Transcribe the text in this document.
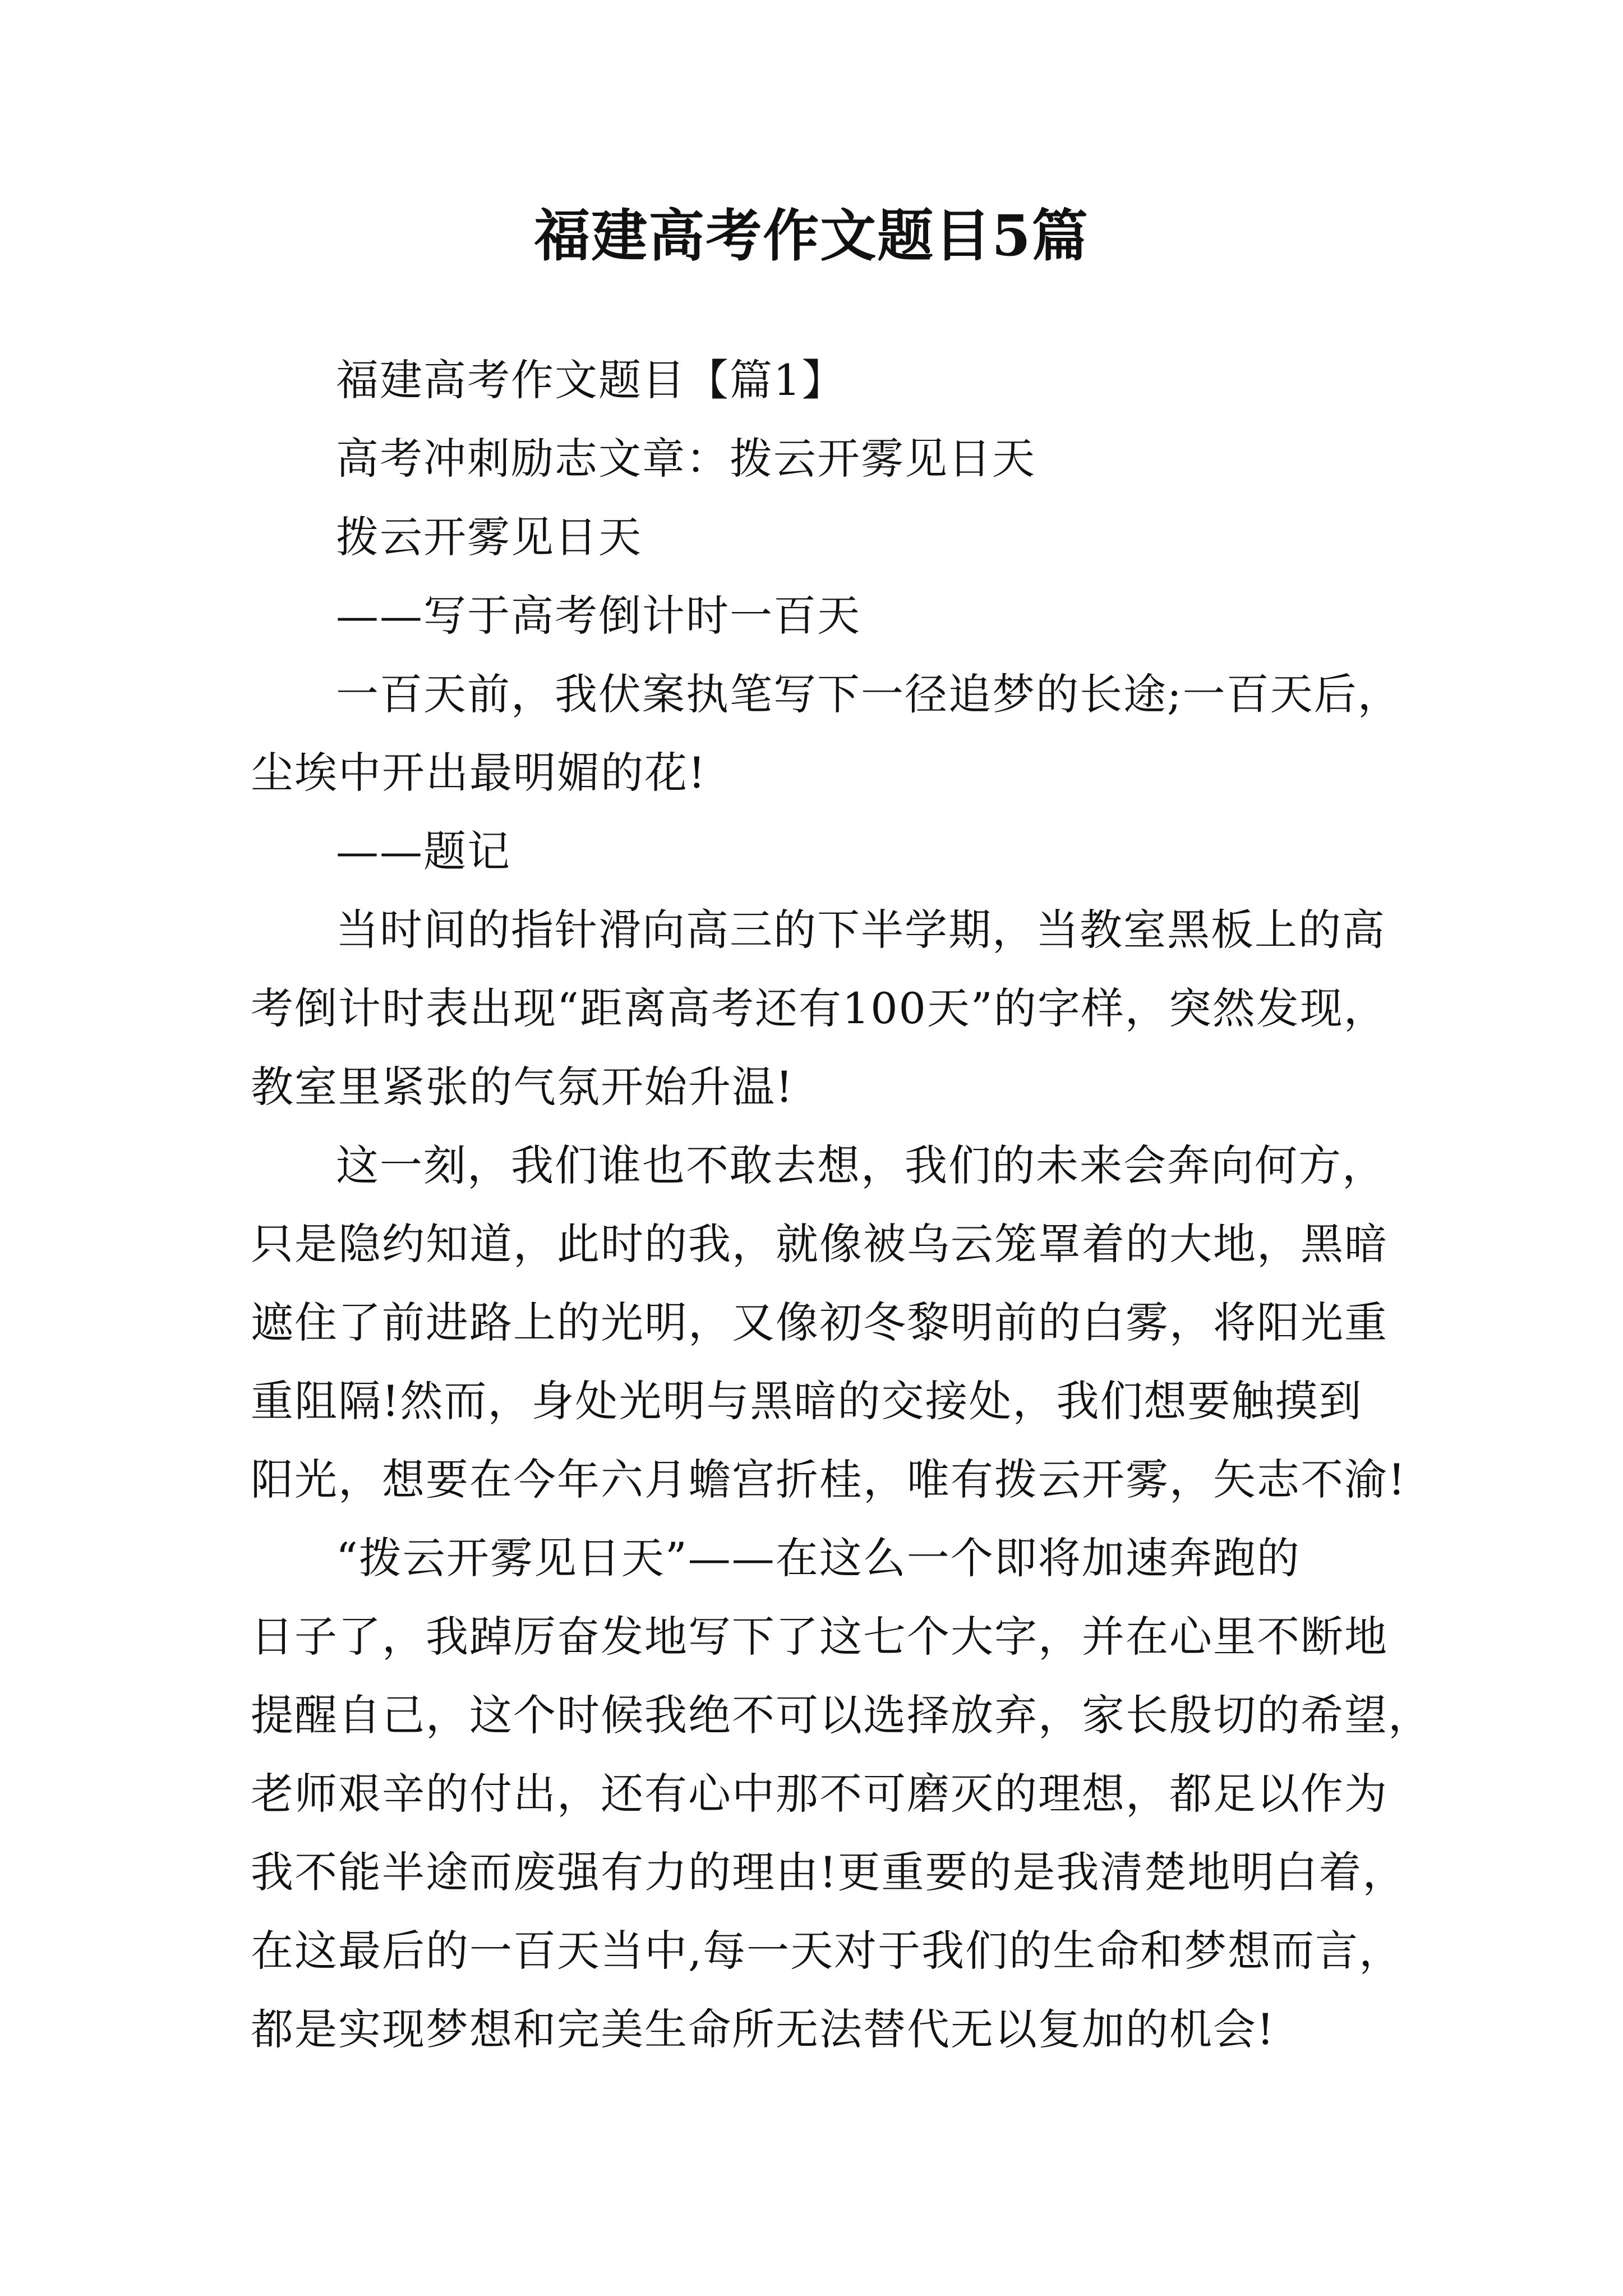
福建高考作文题目5篇

福建高考作文题目【篇1】

高考冲刺励志文章：拨云开雾见日天

拨云开雾见日天

——写于高考倒计时一百天

一百天前，我伏案执笔写下一径追梦的长途;一百天后，
尘埃中开出最明媚的花!

——题记

当时间的指针滑向高三的下半学期，当教室黑板上的高
考倒计时表出现“距离高考还有100天”的字样，突然发现，
教室里紧张的气氛开始升温!

这一刻，我们谁也不敢去想，我们的未来会奔向何方，
只是隐约知道，此时的我，就像被乌云笼罩着的大地，黑暗
遮住了前进路上的光明，又像初冬黎明前的白雾，将阳光重
重阻隔!然而，身处光明与黑暗的交接处，我们想要触摸到
阳光，想要在今年六月蟾宫折桂，唯有拨云开雾，矢志不渝!

“拨云开雾见日天”——在这么一个即将加速奔跑的
日子了，我踔厉奋发地写下了这七个大字，并在心里不断地
提醒自己，这个时候我绝不可以选择放弃，家长殷切的希望，
老师艰辛的付出，还有心中那不可磨灭的理想，都足以作为
我不能半途而废强有力的理由!更重要的是我清楚地明白着，
在这最后的一百天当中,每一天对于我们的生命和梦想而言，
都是实现梦想和完美生命所无法替代无以复加的机会!
